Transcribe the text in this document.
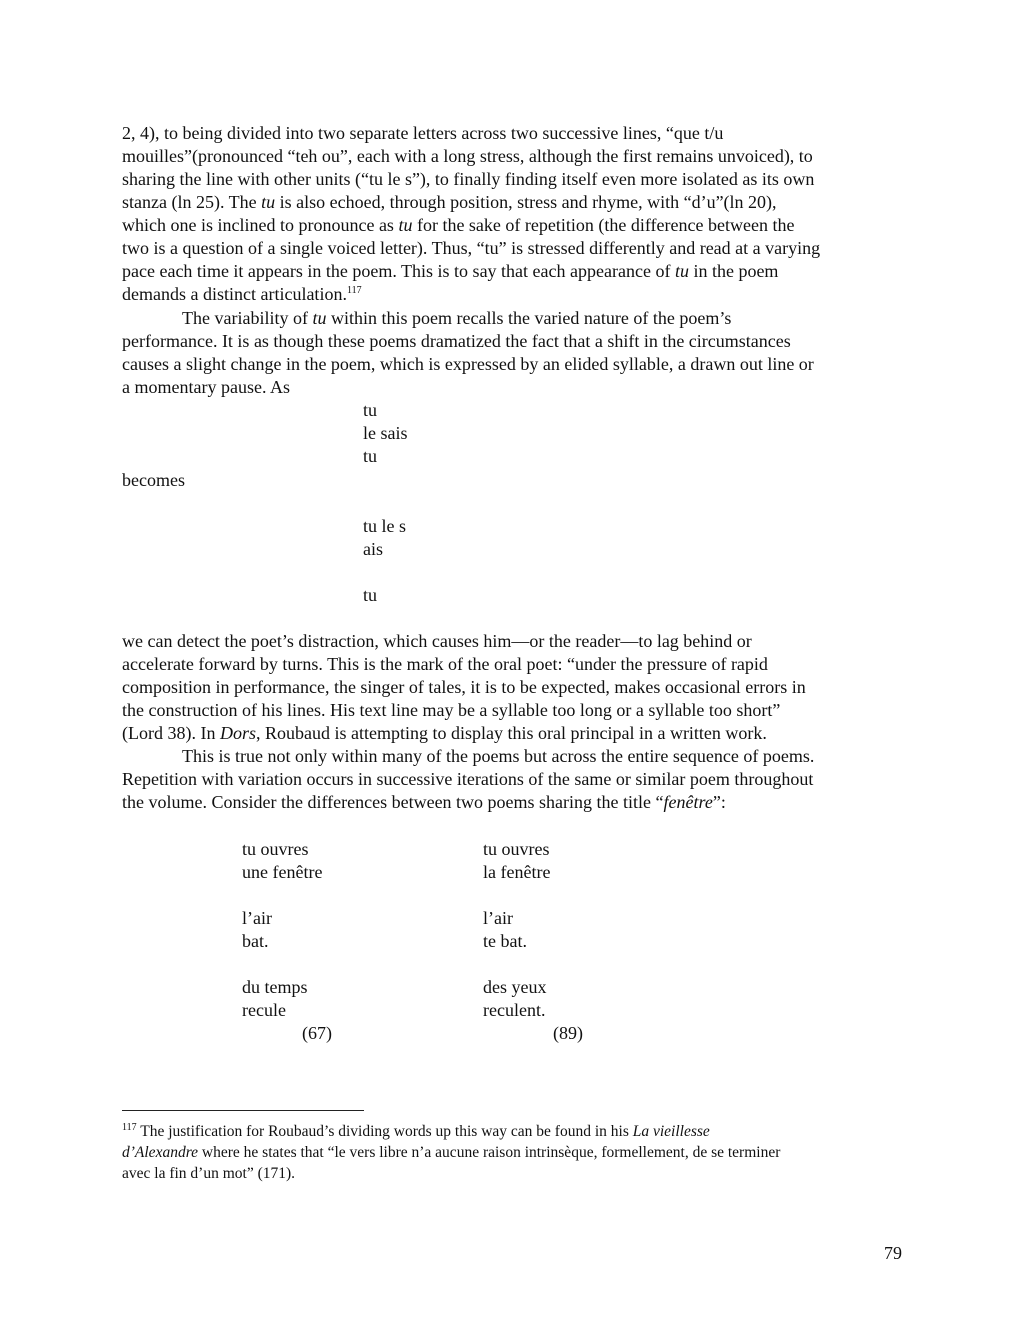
2, 4), to being divided into two separate letters across two successive lines, “que t/u
mouilles”(pronounced “teh ou”, each with a long stress, although the first remains unvoiced), to
sharing the line with other units (“tu le s”), to finally finding itself even more isolated as its own
stanza (ln 25). The tu is also echoed, through position, stress and rhyme, with “d’u”(ln 20),
which one is inclined to pronounce as tu for the sake of repetition (the difference between the
two is a question of a single voiced letter). Thus, “tu” is stressed differently and read at a varying
pace each time it appears in the poem. This is to say that each appearance of tu in the poem
demands a distinct articulation.$^{117}$
The variability of tu within this poem recalls the varied nature of the poem’s
performance. It is as though these poems dramatized the fact that a shift in the circumstances
causes a slight change in the poem, which is expressed by an elided syllable, a drawn out line or
a momentary pause. As
tu
le sais
tu
becomes
tu le s
ais
tu
we can detect the poet’s distraction, which causes him—or the reader—to lag behind or
accelerate forward by turns. This is the mark of the oral poet: “under the pressure of rapid
composition in performance, the singer of tales, it is to be expected, makes occasional errors in
the construction of his lines. His text line may be a syllable too long or a syllable too short”
(Lord 38). In Dors, Roubaud is attempting to display this oral principal in a written work.
This is true not only within many of the poems but across the entire sequence of poems.
Repetition with variation occurs in successive iterations of the same or similar poem throughout
the volume. Consider the differences between two poems sharing the title “fenêtre”:
tu ouvres
une fenêtre
l’air
bat.
du temps
recule
(67)
tu ouvres
la fenêtre
l’air
te bat.
des yeux
reculent.
(89)
$^{117}$ The justification for Roubaud’s dividing words up this way can be found in his La vieillesse
d’Alexandre where he states that “le vers libre n’a aucune raison intrinsèque, formellement, de se terminer
avec la fin d’un mot” (171).
79
